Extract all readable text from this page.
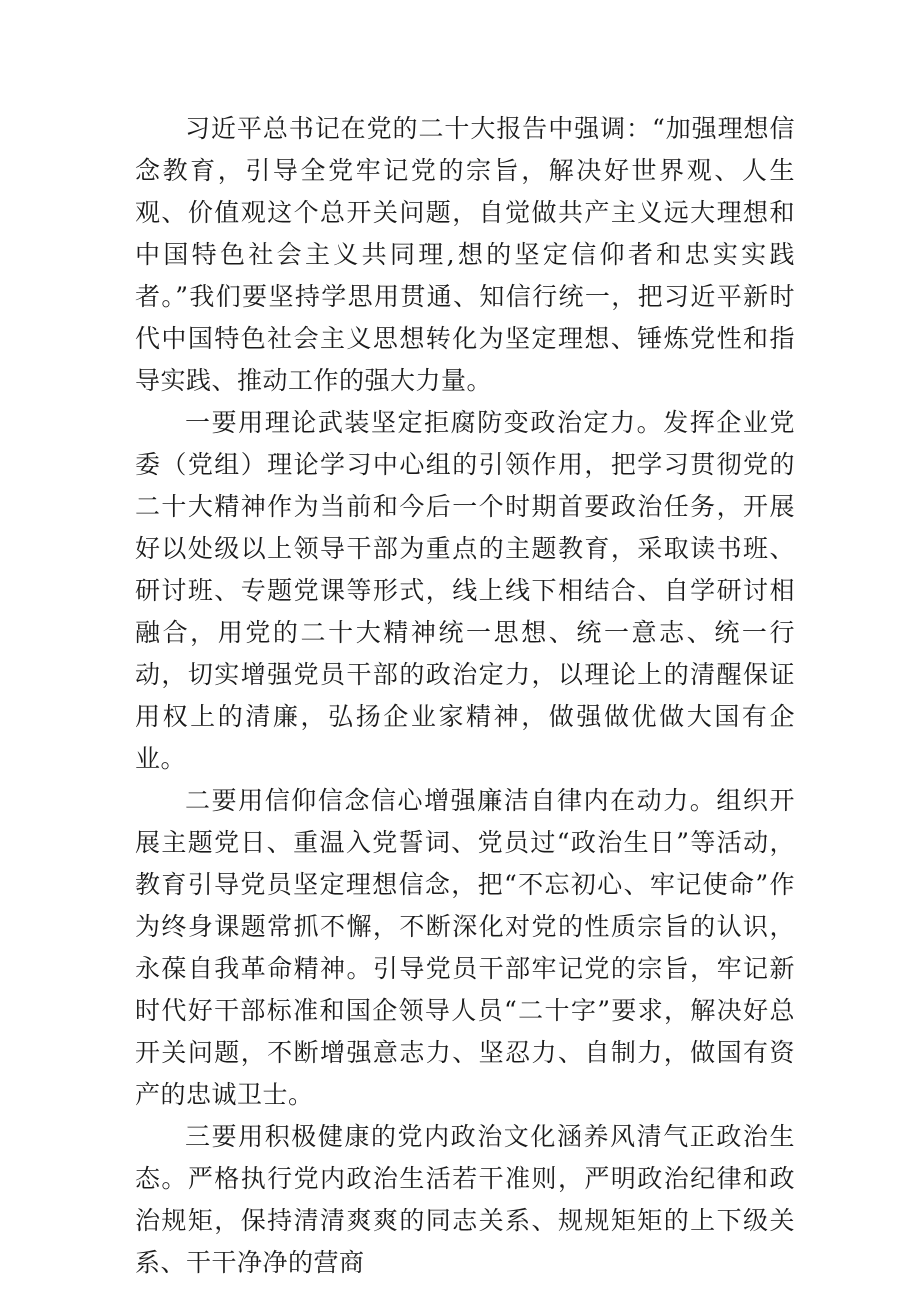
习近平总书记在党的二十大报告中强调：“加强理想信念教育，引导全党牢记党的宗旨，解决好世界观、人生观、价值观这个总开关问题，自觉做共产主义远大理想和中国特色社会主义共同理,想的坚定信仰者和忠实实践者。”我们要坚持学思用贯通、知信行统一，把习近平新时代中国特色社会主义思想转化为坚定理想、锤炼党性和指导实践、推动工作的强大力量。

一要用理论武装坚定拒腐防变政治定力。发挥企业党委（党组）理论学习中心组的引领作用，把学习贯彻党的二十大精神作为当前和今后一个时期首要政治任务，开展好以处级以上领导干部为重点的主题教育，采取读书班、研讨班、专题党课等形式，线上线下相结合、自学研讨相融合，用党的二十大精神统一思想、统一意志、统一行动，切实增强党员干部的政治定力，以理论上的清醒保证用权上的清廉，弘扬企业家精神，做强做优做大国有企业。

二要用信仰信念信心增强廉洁自律内在动力。组织开展主题党日、重温入党誓词、党员过“政治生日”等活动，教育引导党员坚定理想信念，把“不忘初心、牢记使命”作为终身课题常抓不懈，不断深化对党的性质宗旨的认识，永葆自我革命精神。引导党员干部牢记党的宗旨，牢记新时代好干部标准和国企领导人员“二十字”要求，解决好总开关问题，不断增强意志力、坚忍力、自制力，做国有资产的忠诚卫士。

三要用积极健康的党内政治文化涵养风清气正政治生态。严格执行党内政治生活若干准则，严明政治纪律和政治规矩，保持清清爽爽的同志关系、规规矩矩的上下级关系、干干净净的营商
